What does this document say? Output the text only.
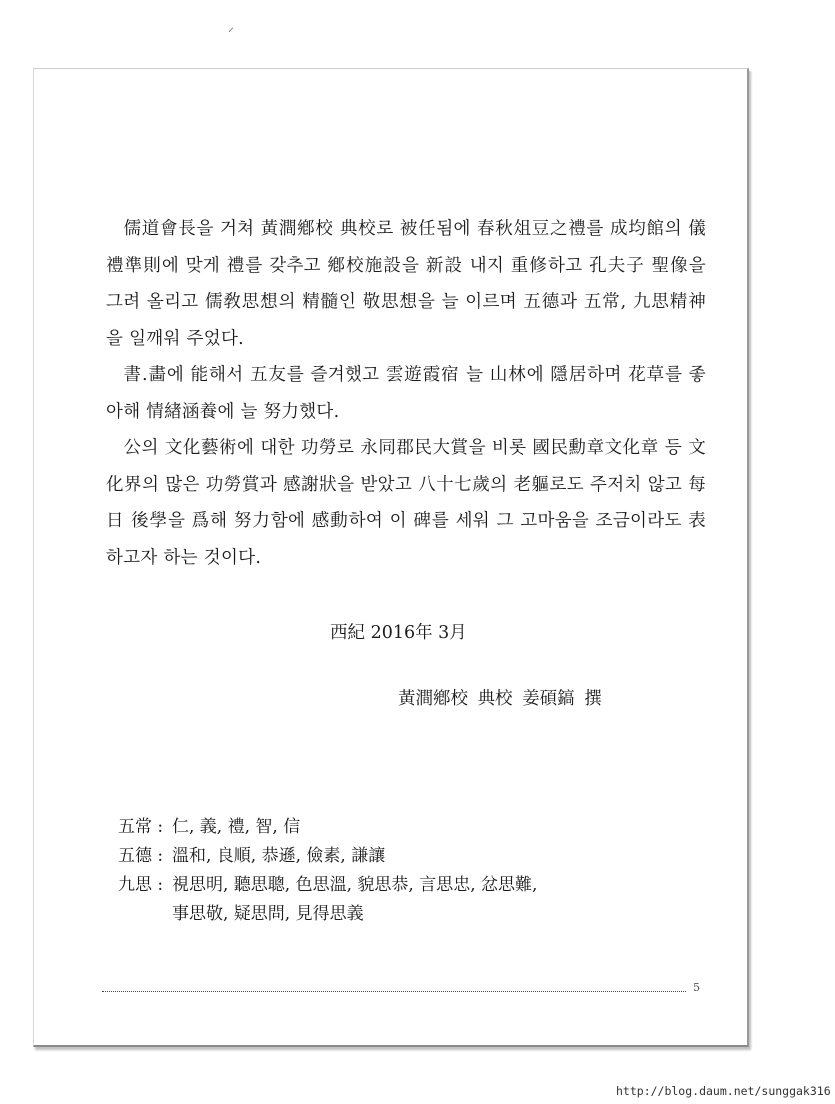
⸝

儒道會長을 거쳐 黃澗鄕校 典校로 被任됨에 春秋俎豆之禮를 成均館의 儀禮準則에 맞게 禮를 갖추고 鄕校施設을 新設 내지 重修하고 孔夫子 聖像을 그려 올리고 儒敎思想의 精髓인 敬思想을 늘 이르며 五德과 五常, 九思精神을 일깨워 주었다.

書.畵에 能해서 五友를 즐겨했고 雲遊霞宿 늘 山林에 隱居하며 花草를 좋아해 情緖涵養에 늘 努力했다.

公의 文化藝術에 대한 功勞로 永同郡民大賞을 비롯 國民勳章文化章 등 文化界의 많은 功勞賞과 感謝狀을 받았고 八十七歲의 老軀로도 주저치 않고 每日 後學을 爲해 努力함에 感動하여 이 碑를 세워 그 고마움을 조금이라도 表하고자 하는 것이다.

西紀 2016年 3月
黃澗鄕校 典校 姜碩鎬 撰
五常 : 仁, 義, 禮, 智, 信
五德 : 溫和, 良順, 恭遜, 儉素, 謙讓
九思 : 視思明, 聽思聰, 色思溫, 貌思恭, 言思忠, 忿思難,
事思敬, 疑思問, 見得思義
5
http://blog.daum.net/sunggak316
